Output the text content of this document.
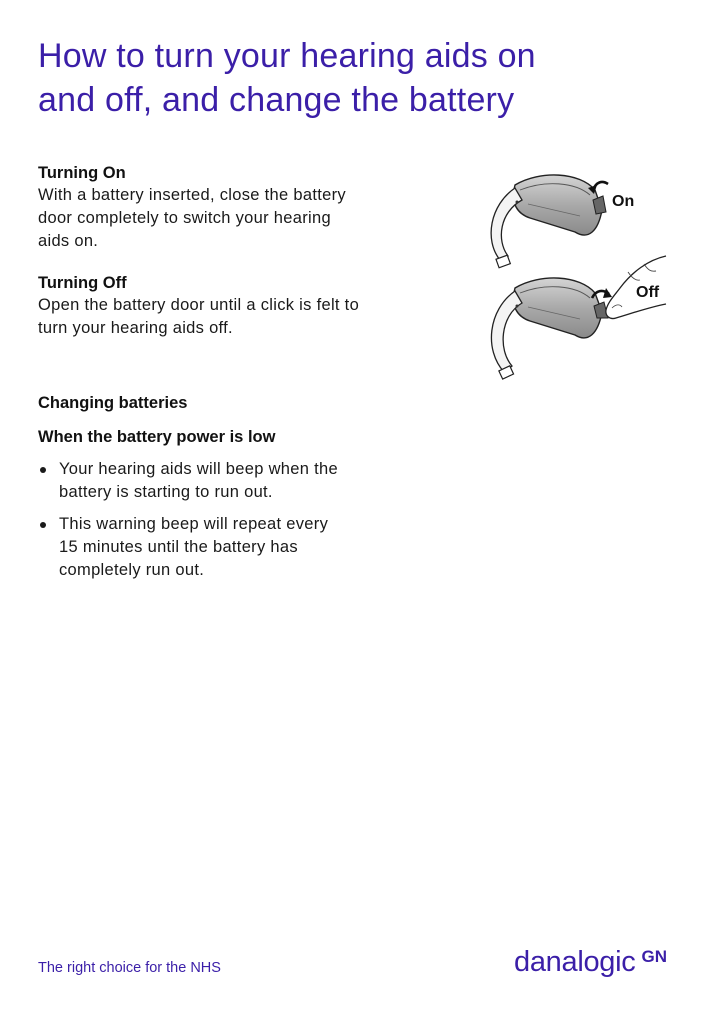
How to turn your hearing aids on
and off, and change the battery

Turning On

With a battery inserted, close the battery
door completely to switch your hearing
aids on.

Turning Off

Open the battery door until a click is felt to
turn your hearing aids off.

Changing batteries

When the battery power is low

Your hearing aids will beep when the
battery is starting to run out.

This warning beep will repeat every
15 minutes until the battery has
completely run out.

On
Off
The right choice for the NHS	danalogic GN
